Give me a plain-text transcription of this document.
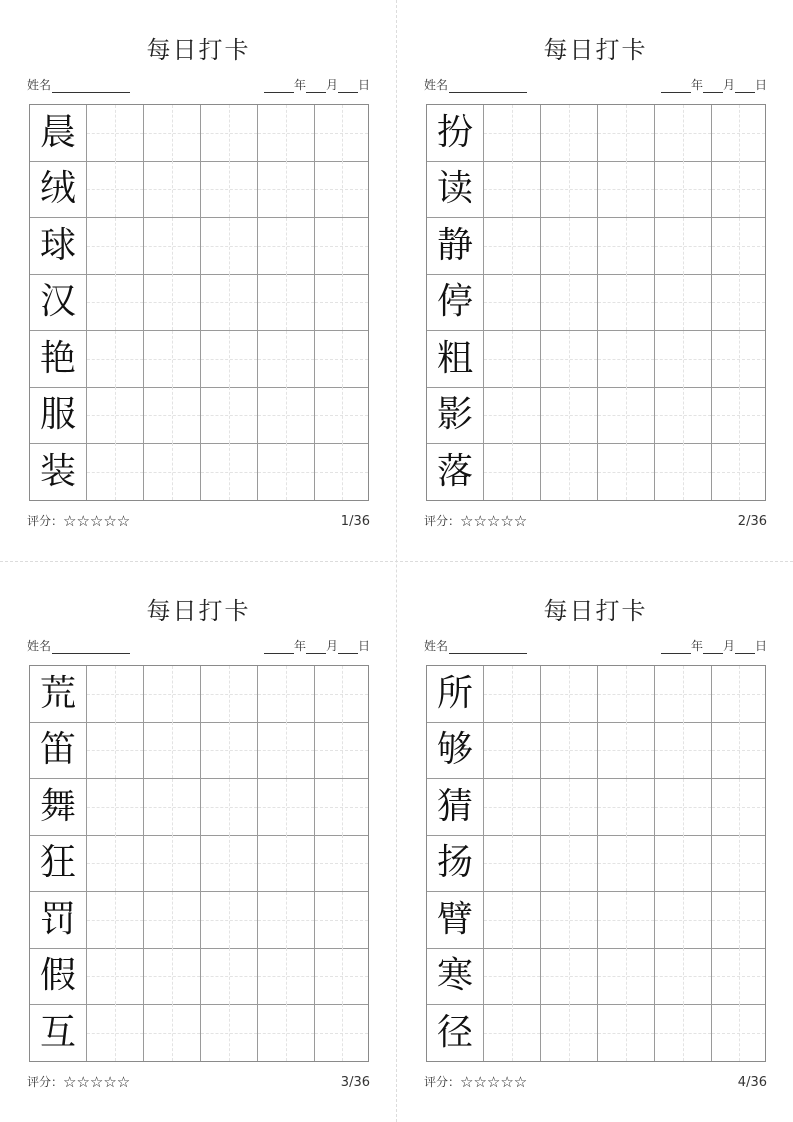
每日打卡
姓名	年 月 日
晨
绒
球
汉
艳
服
装
评分：☆☆☆☆☆	1/36
每日打卡
姓名	年 月 日
扮
读
静
停
粗
影
落
评分：☆☆☆☆☆	2/36
每日打卡
姓名	年 月 日
荒
笛
舞
狂
罚
假
互
评分：☆☆☆☆☆	3/36
每日打卡
姓名	年 月 日
所
够
猜
扬
臂
寒
径
评分：☆☆☆☆☆	4/36
